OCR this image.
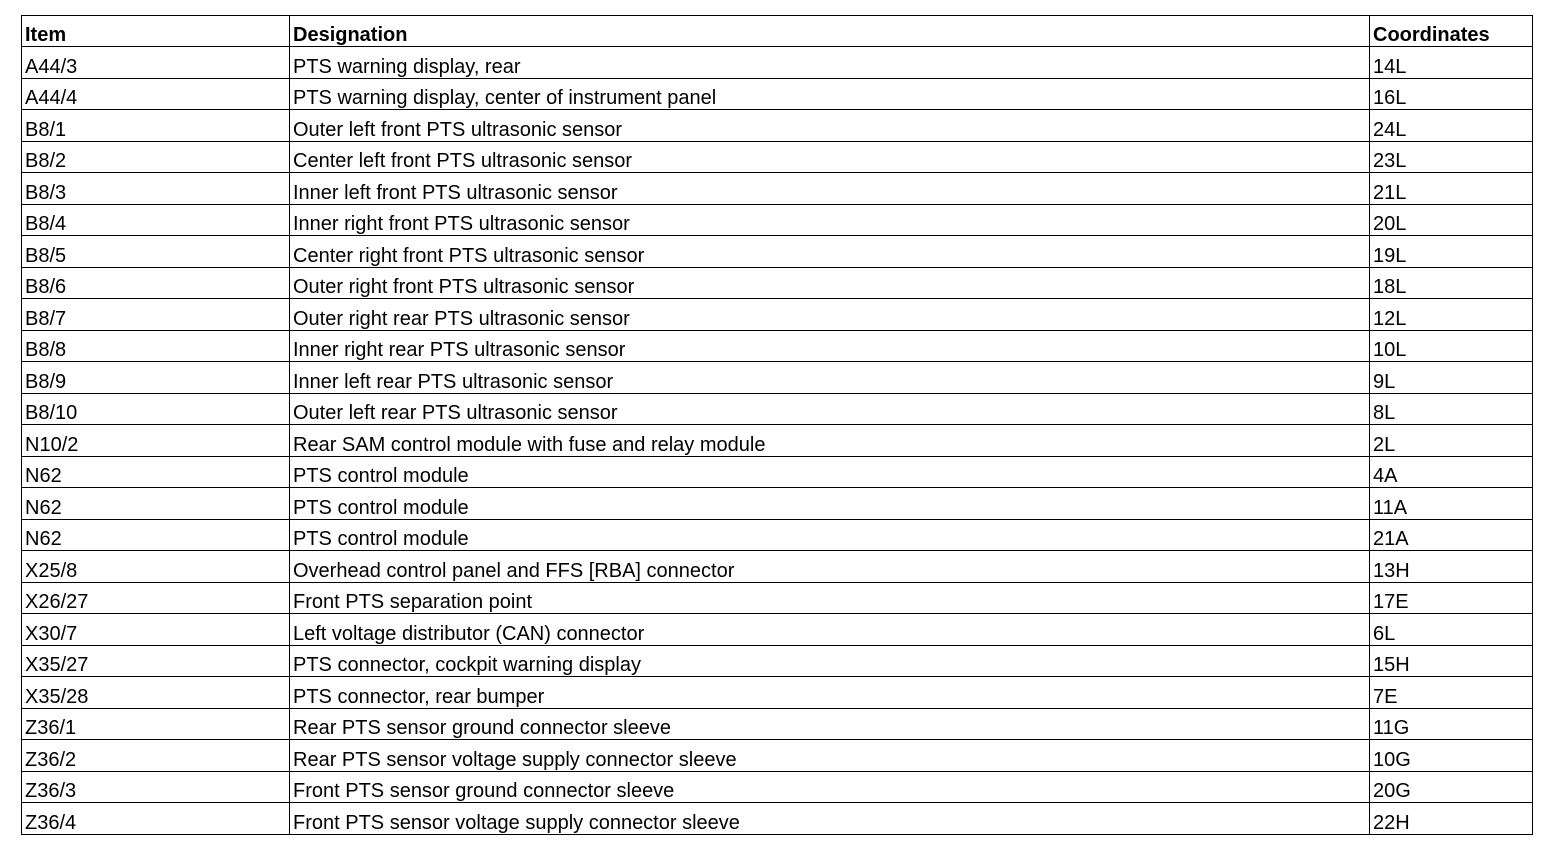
Item	Designation	Coordinates
A44/3	PTS warning display, rear	14L
A44/4	PTS warning display, center of instrument panel	16L
B8/1	Outer left front PTS ultrasonic sensor	24L
B8/2	Center left front PTS ultrasonic sensor	23L
B8/3	Inner left front PTS ultrasonic sensor	21L
B8/4	Inner right front PTS ultrasonic sensor	20L
B8/5	Center right front PTS ultrasonic sensor	19L
B8/6	Outer right front PTS ultrasonic sensor	18L
B8/7	Outer right rear PTS ultrasonic sensor	12L
B8/8	Inner right rear PTS ultrasonic sensor	10L
B8/9	Inner left rear PTS ultrasonic sensor	9L
B8/10	Outer left rear PTS ultrasonic sensor	8L
N10/2	Rear SAM control module with fuse and relay module	2L
N62	PTS control module	4A
N62	PTS control module	11A
N62	PTS control module	21A
X25/8	Overhead control panel and FFS [RBA] connector	13H
X26/27	Front PTS separation point	17E
X30/7	Left voltage distributor (CAN) connector	6L
X35/27	PTS connector, cockpit warning display	15H
X35/28	PTS connector, rear bumper	7E
Z36/1	Rear PTS sensor ground connector sleeve	11G
Z36/2	Rear PTS sensor voltage supply connector sleeve	10G
Z36/3	Front PTS sensor ground connector sleeve	20G
Z36/4	Front PTS sensor voltage supply connector sleeve	22H
